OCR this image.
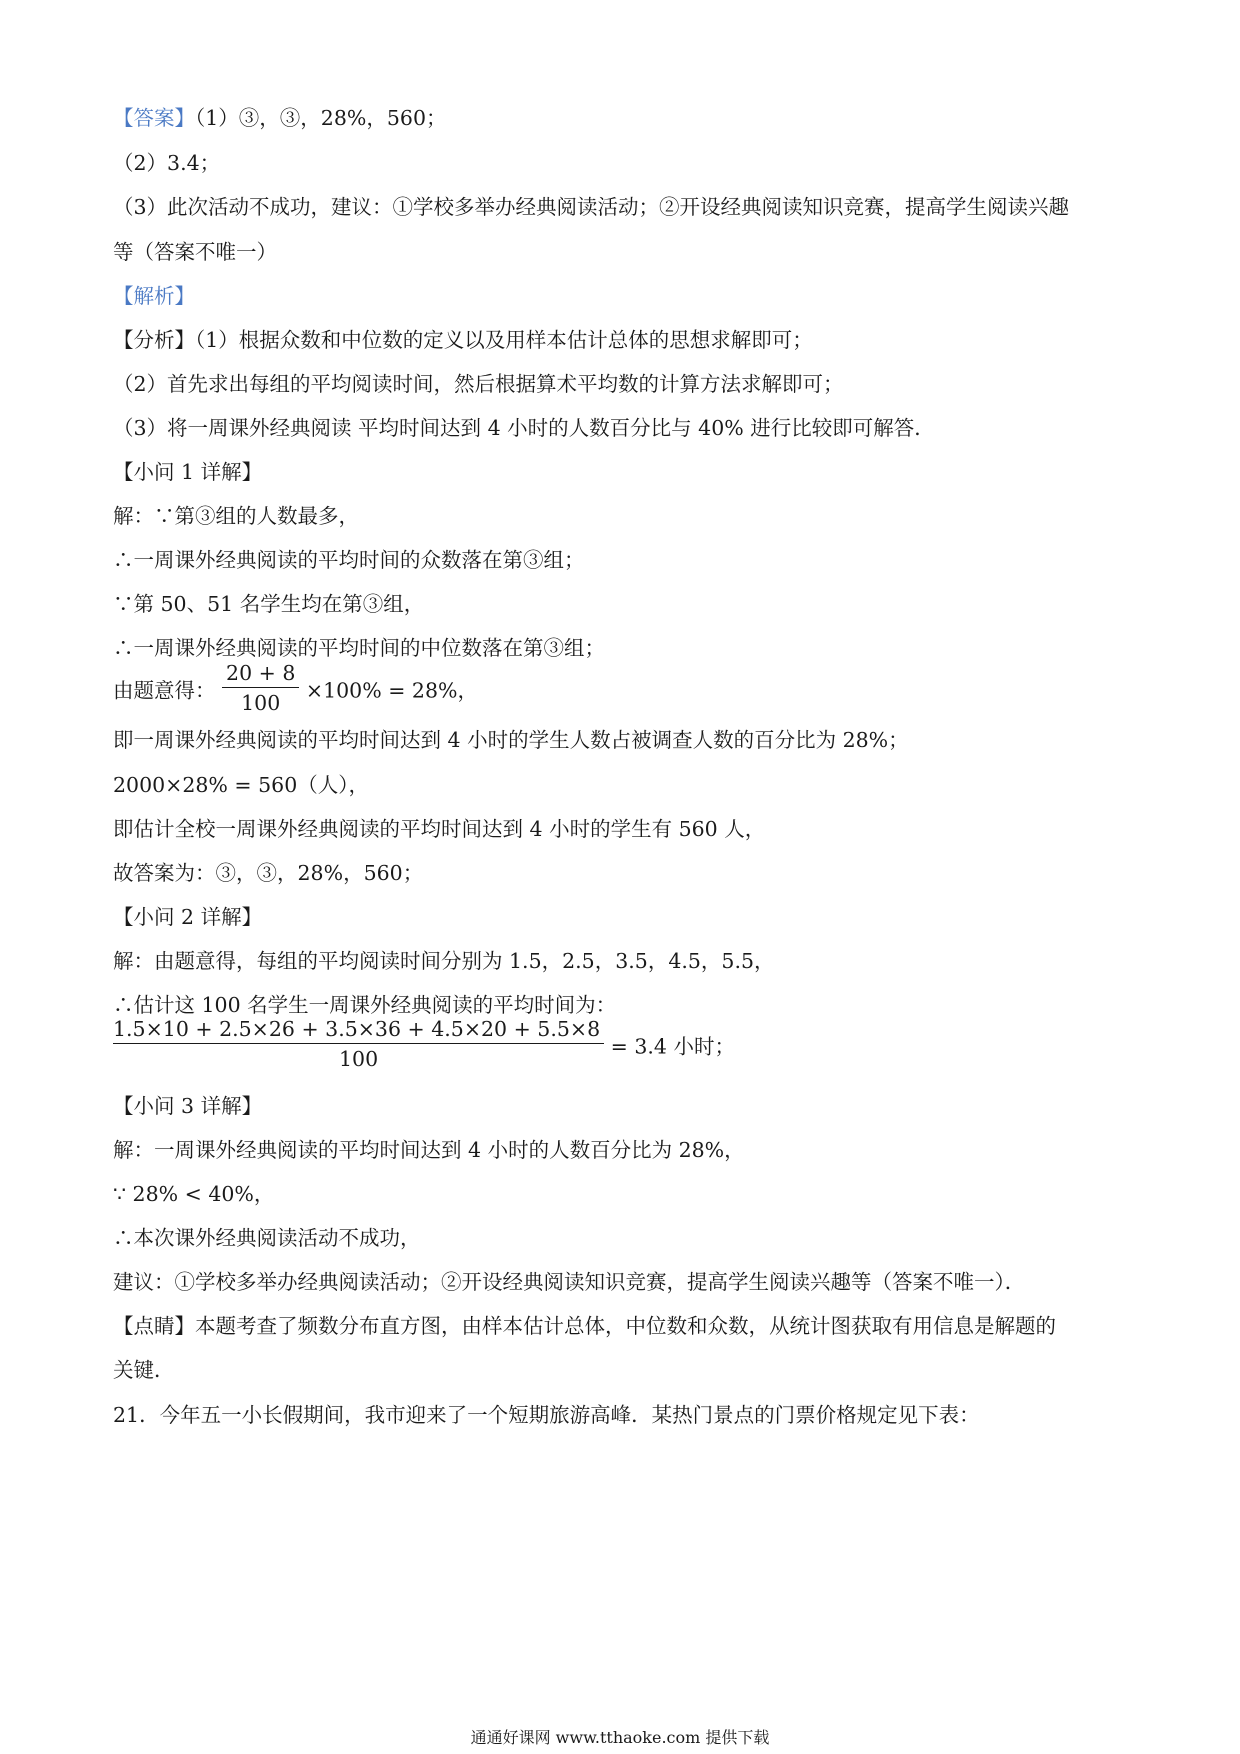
【答案】（1）③，③，28%，560；
（2）3.4；
（3）此次活动不成功，建议：①学校多举办经典阅读活动；②开设经典阅读知识竞赛，提高学生阅读兴趣
等（答案不唯一）
【解析】
【分析】（1）根据众数和中位数的定义以及用样本估计总体的思想求解即可；
（2）首先求出每组的平均阅读时间，然后根据算术平均数的计算方法求解即可；
（3）将一周课外经典阅读 平均时间达到 4 小时的人数百分比与 40% 进行比较即可解答．
【小问 1 详解】
解：∵第③组的人数最多，
∴一周课外经典阅读的平均时间的众数落在第③组；
∵第 50、51 名学生均在第③组，
∴一周课外经典阅读的平均时间的中位数落在第③组；
由题意得： $\frac{20 + 8}{100} \times 100\% = 28\%$，
即一周课外经典阅读的平均时间达到 4 小时的学生人数占被调查人数的百分比为 28%；
2000×28% = 560（人），
即估计全校一周课外经典阅读的平均时间达到 4 小时的学生有 560 人，
故答案为：③，③，28%，560；
【小问 2 详解】
解：由题意得，每组的平均阅读时间分别为 1.5，2.5，3.5，4.5，5.5，
∴估计这 100 名学生一周课外经典阅读的平均时间为：
$\frac{1.5\times 10 + 2.5\times 26 + 3.5\times 36 + 4.5\times 20 + 5.5\times 8}{100} = 3.4$ 小时；
【小问 3 详解】
解：一周课外经典阅读的平均时间达到 4 小时的人数百分比为 28%，
∵ 28% < 40%，
∴本次课外经典阅读活动不成功，
建议：①学校多举办经典阅读活动；②开设经典阅读知识竞赛，提高学生阅读兴趣等（答案不唯一）．
【点睛】本题考查了频数分布直方图，由样本估计总体，中位数和众数，从统计图获取有用信息是解题的
关键．
21．今年五一小长假期间，我市迎来了一个短期旅游高峰．某热门景点的门票价格规定见下表：
通通好课网 www.tthaoke.com 提供下载
